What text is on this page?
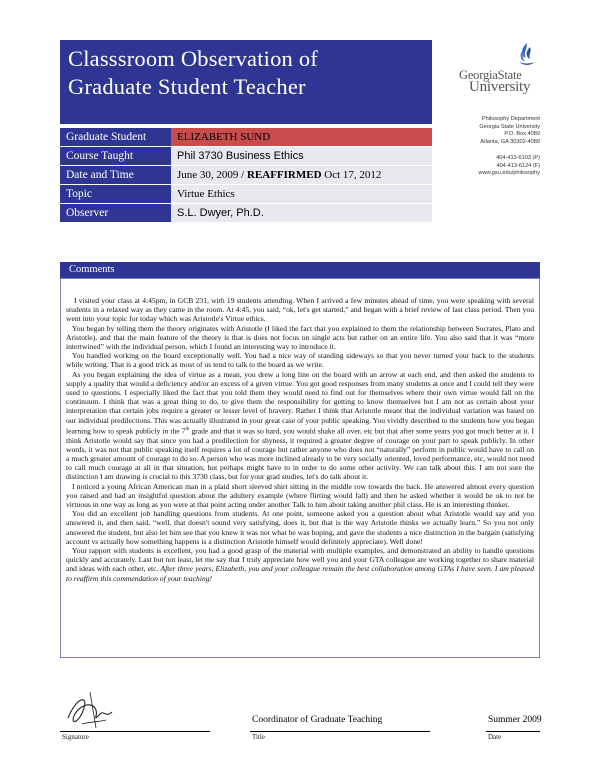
Classsroom Observation of
Graduate Student Teacher	GeorgiaState
University
Philosophy Department
Georgia State University
P.O. Box 4089
Atlanta, GA 30302-4089
404-413-6103 (P)
404-413-6124 (F)
www.gsu.edu/philosophy
Graduate Student	ELIZABETH SUND
Course Taught	Phil 3730 Business Ethics
Date and Time	June 30, 2009 / REAFFIRMED Oct 17, 2012
Topic	Virtue Ethics
Observer	S.L. Dwyer, Ph.D.
Comments

I visited your class at 4:45pm, in GCB 231, with 19 students attending. When I arrived a few minutes ahead of time, you were speaking with several students in a relaxed way as they came in the room. At 4:45, you said, “ok, let's get started,” and began with a brief review of last class period. Then you went into your topic for today which was Aristotle's Virtue ethics.

You began by telling them the theory originates with Aristotle (I liked the fact that you explained to them the relationship between Socrates, Plato and Aristotle), and that the main feature of the theory is that is does not focus on single acts but rather on an entire life. You also said that it was “more intertwined” with the individual person, which I found an interesting way to introduce it.

You handled working on the board exceptionally well. You had a nice way of standing sideways so that you never turned your back to the students while writing. That is a good trick as most of us tend to talk to the board as we write.

As you began explaining the idea of virtue as a mean, you drew a long line on the board with an arrow at each end, and then asked the students to supply a quality that would a deficiency and/or an excess of a given virtue. You got good responses from many students at once and I could tell they were used to questions. I especially liked the fact that you told them they would need to find out for themselves where their own virtue would fall on the continuum. I think that was a great thing to do, to give them the responsibility for getting to know themselves but I am not as certain about your interpretation that certain jobs require a greater or lesser level of bravery. Rather I think that Aristotle meant that the individual variation was based on our individual predilections. This was actually illustrated in your great case of your public speaking. You vividly described to the students how you began learning how to speak publicly in the 7th grade and that it was so hard, you would shake all over, etc but that after some years you got much better at it. I think Aristotle would say that since you had a predilection for shyness, it required a greater degree of courage on your part to speak publicly. In other words, it was not that public speaking itself requires a lot of courage but rather anyone who does not “naturally” perform in public would have to call on a much greater amount of courage to do so. A person who was more inclined already to be very socially oriented, loved performance, etc, would not need to call much courage at all in that situation, but perhaps might have to in order to do some other activity. We can talk about this. I am not sure the distinction I am drawing is crucial to this 3730 class, but for your grad studies, let's do talk about it.

I noticed a young African American man in a plaid short sleeved shirt sitting in the middle row towards the back. He answered almost every question you raised and had an insightful question about the adultery example (where flirting would fall) and then he asked whether it would be ok to not be virtuous in one way as long as you were at that point acting under another Talk to him about taking another phil class. He is an interesting thinker.

You did an excellent job handling questions from students. At one point, someone asked you a question about what Aristotle would say and you answered it, and then said, “well, that doesn't sound very satisfying, does it, but that is the way Aristotle thinks we actually learn.” So you not only answered the student, but also let him see that you knew it was not what he was hoping, and gave the students a nice distinction in the bargain (satisfying account vs actually how something happens is a distinction Aristotle himself would definitely appreciate). Well done!

Your rapport with students is excellent, you had a good grasp of the material with multiple examples, and demonstrated an ability to handle questions quickly and accurately. Last but not least, let me say that I truly appreciate how well you and your GTA colleague are working together to share material and ideas with each other, etc. After three years, Elizabeth, you and your colleague remain the best collaboration among GTAs I have seen. I am pleased to reaffirm this commendation of your teaching!

Signature
Coordinator of Graduate Teaching
Title
Summer 2009
Date
